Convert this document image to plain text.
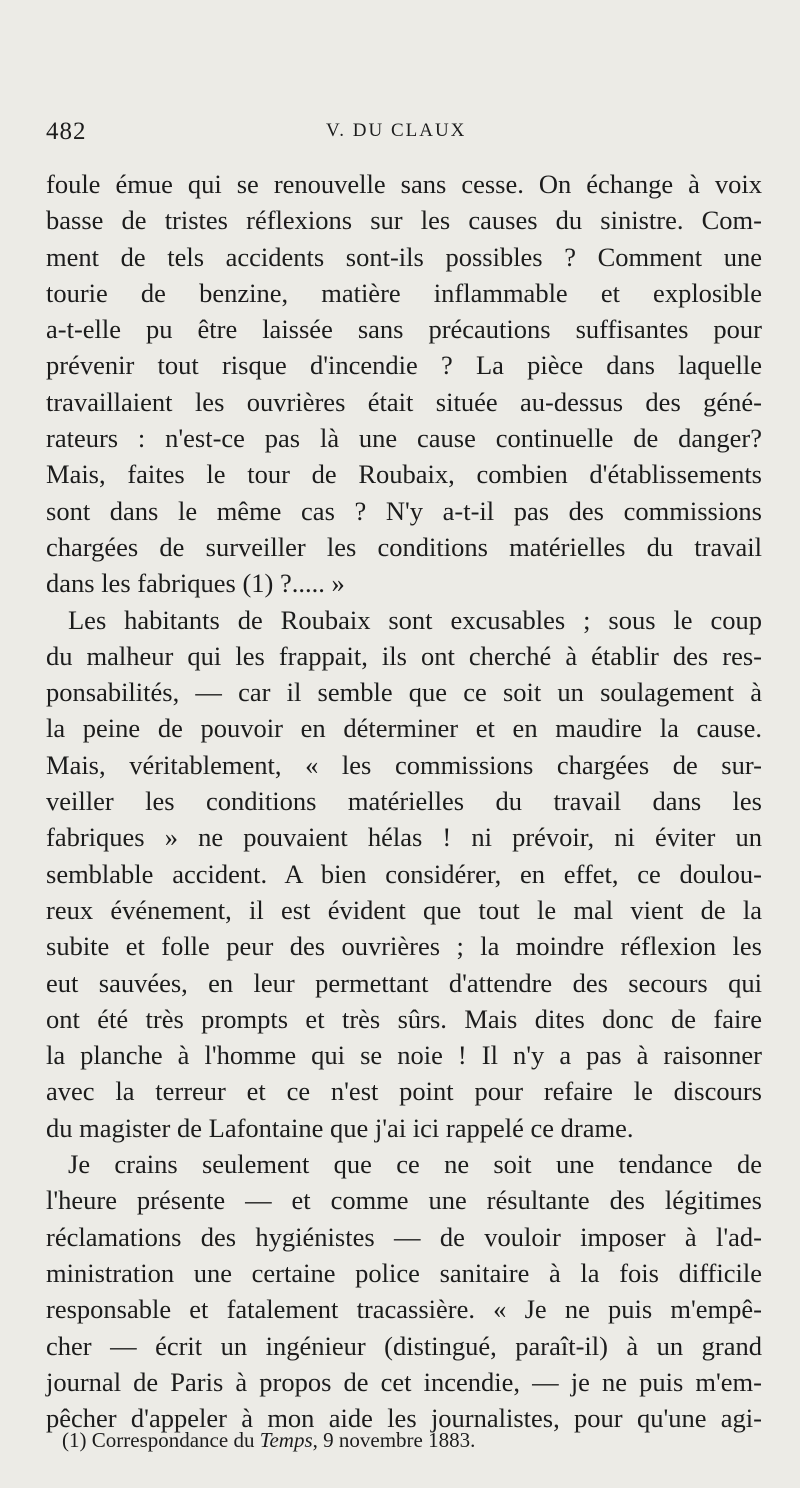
482	V. DU CLAUX
foule émue qui se renouvelle sans cesse. On échange à voix
basse de tristes réflexions sur les causes du sinistre. Com-
ment de tels accidents sont-ils possibles ? Comment une
tourie de benzine, matière inflammable et explosible
a-t-elle pu être laissée sans précautions suffisantes pour
prévenir tout risque d'incendie ? La pièce dans laquelle
travaillaient les ouvrières était située au-dessus des géné-
rateurs : n'est-ce pas là une cause continuelle de danger?
Mais, faites le tour de Roubaix, combien d'établissements
sont dans le même cas ? N'y a-t-il pas des commissions
chargées de surveiller les conditions matérielles du travail
dans les fabriques (1) ?..... »
Les habitants de Roubaix sont excusables ; sous le coup
du malheur qui les frappait, ils ont cherché à établir des res-
ponsabilités, — car il semble que ce soit un soulagement à
la peine de pouvoir en déterminer et en maudire la cause.
Mais, véritablement, « les commissions chargées de sur-
veiller les conditions matérielles du travail dans les
fabriques » ne pouvaient hélas ! ni prévoir, ni éviter un
semblable accident. A bien considérer, en effet, ce doulou-
reux événement, il est évident que tout le mal vient de la
subite et folle peur des ouvrières ; la moindre réflexion les
eut sauvées, en leur permettant d'attendre des secours qui
ont été très prompts et très sûrs. Mais dites donc de faire
la planche à l'homme qui se noie ! Il n'y a pas à raisonner
avec la terreur et ce n'est point pour refaire le discours
du magister de Lafontaine que j'ai ici rappelé ce drame.
Je crains seulement que ce ne soit une tendance de
l'heure présente — et comme une résultante des légitimes
réclamations des hygiénistes — de vouloir imposer à l'ad-
ministration une certaine police sanitaire à la fois difficile
responsable et fatalement tracassière. « Je ne puis m'empê-
cher — écrit un ingénieur (distingué, paraît-il) à un grand
journal de Paris à propos de cet incendie, — je ne puis m'em-
pêcher d'appeler à mon aide les journalistes, pour qu'une agi-
(1) Correspondance du Temps, 9 novembre 1883.
